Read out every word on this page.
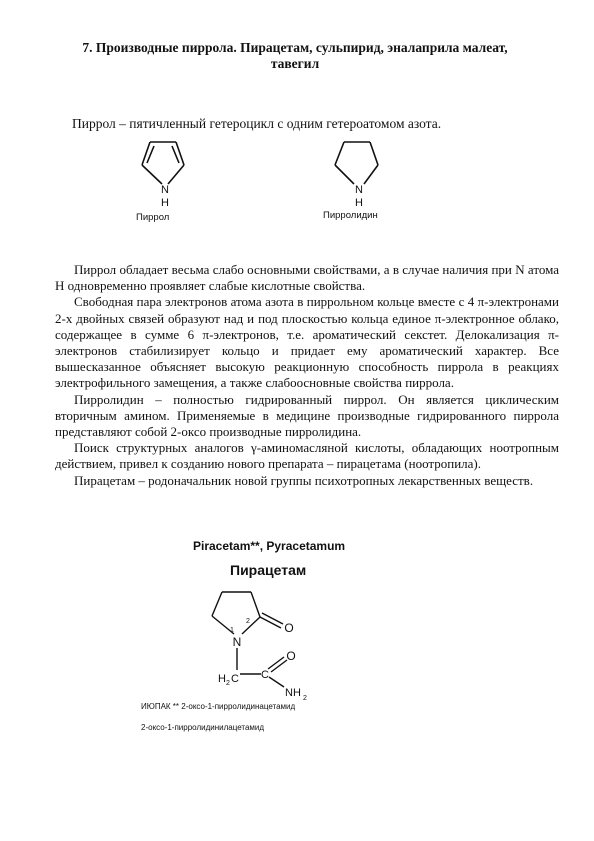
7. Производные пиррола. Пирацетам, сульпирид, эналаприла малеат, тавегил
Пиррол – пятичленный гетероцикл с одним гетероатомом азота.
N
H
Пиррол
N
H
Пирролидин

Пиррол обладает весьма слабо основными свойствами, а в случае наличия при N атома Н одновременно проявляет слабые кислотные свойства.

Свободная пара электронов атома азота в пиррольном кольце вместе с 4 π-электронами 2-х двойных связей образуют над и под плоскостью кольца единое π-электронное облако, содержащее в сумме 6 π-электронов, т.е. ароматический секстет. Делокализация π-электронов стабилизирует кольцо и придает ему ароматический характер. Все вышесказанное объясняет высокую реакционную способность пиррола в реакциях электрофильного замещения, а также слабоосновные свойства пиррола.

Пирролидин – полностью гидрированный пиррол. Он является циклическим вторичным амином. Применяемые в медицине производные гидрированного пиррола представляют собой 2-оксо производные пирролидина.

Поиск структурных аналогов γ-аминомасляной кислоты, обладающих ноотропным действием, привел к созданию нового препарата – пирацетама (ноотропила).

Пирацетам – родоначальник новой группы психотропных лекарственных веществ.

Piracetam**, Pyracetamum
Пирацетам
N
1
2	O
O
H 2 C C
NH 2
ИЮПАК ** 2-оксо-1-пирролидинацетамид
2-оксо-1-пирролидинилацетамид
